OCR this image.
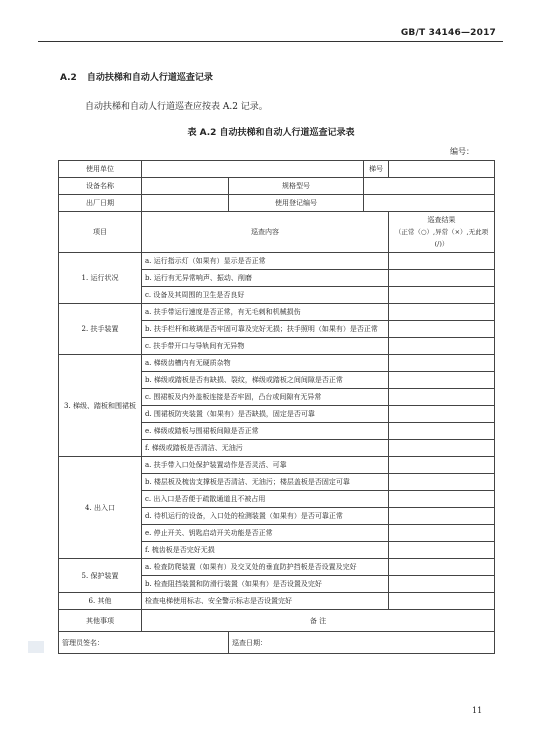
GB/T 34146—2017
A.2 自动扶梯和自动人行道巡查记录
自动扶梯和自动人行道巡查应按表 A.2 记录。
表 A.2 自动扶梯和自动人行道巡查记录表
编号：
使用单位			梯号	
设备名称		规格型号		
出厂日期		使用登记编号		
项目	巡查内容			巡查结果
（正常（○）,异常（×）,无此项(/)）

1. 运行状况	a. 运行指示灯（如果有）显示是否正常			
	b. 运行有无异常响声、振动、削磨			
	c. 设备及其周围的卫生是否良好			
2. 扶手装置	a. 扶手带运行速度是否正常，有无毛刺和机械损伤			
	b. 扶手栏杆和玻璃是否牢固可靠及完好无损；扶手照明（如果有）是否正常			
	c. 扶手带开口与导轨间有无异物			
3. 梯级、踏板和围裙板	a. 梯级齿槽内有无硬质杂物			
	b. 梯级或踏板是否有缺损、裂纹，梯级或踏板之间间隙是否正常			
	c. 围裙板及内外盖板连接是否牢固，凸台或间隙有无异常			
	d. 围裙板防夹装置（如果有）是否缺损，固定是否可靠			
	e. 梯级或踏板与围裙板间隙是否正常			
	f. 梯级或踏板是否清洁、无油污			
4. 出入口	a. 扶手带入口处保护装置动作是否灵活、可靠			
	b. 楼层板及梳齿支撑板是否清洁、无油污；楼层盖板是否固定可靠			
	c. 出入口是否便于疏散通道且不被占用			
	d. 待机运行的设备，入口处的检测装置（如果有）是否可靠正常			
	e. 停止开关、钥匙启动开关功能是否正常			
	f. 梳齿板是否完好无损			
5. 保护装置	a. 检查防爬装置（如果有）及交叉处的垂直防护挡板是否设置及完好			
	b. 检查阻挡装置和防滑行装置（如果有）是否设置及完好			
6. 其他	检查电梯使用标志、安全警示标志是否设置完好			
其他事项	备 注			
管理员签名：		巡查日期：		
11
